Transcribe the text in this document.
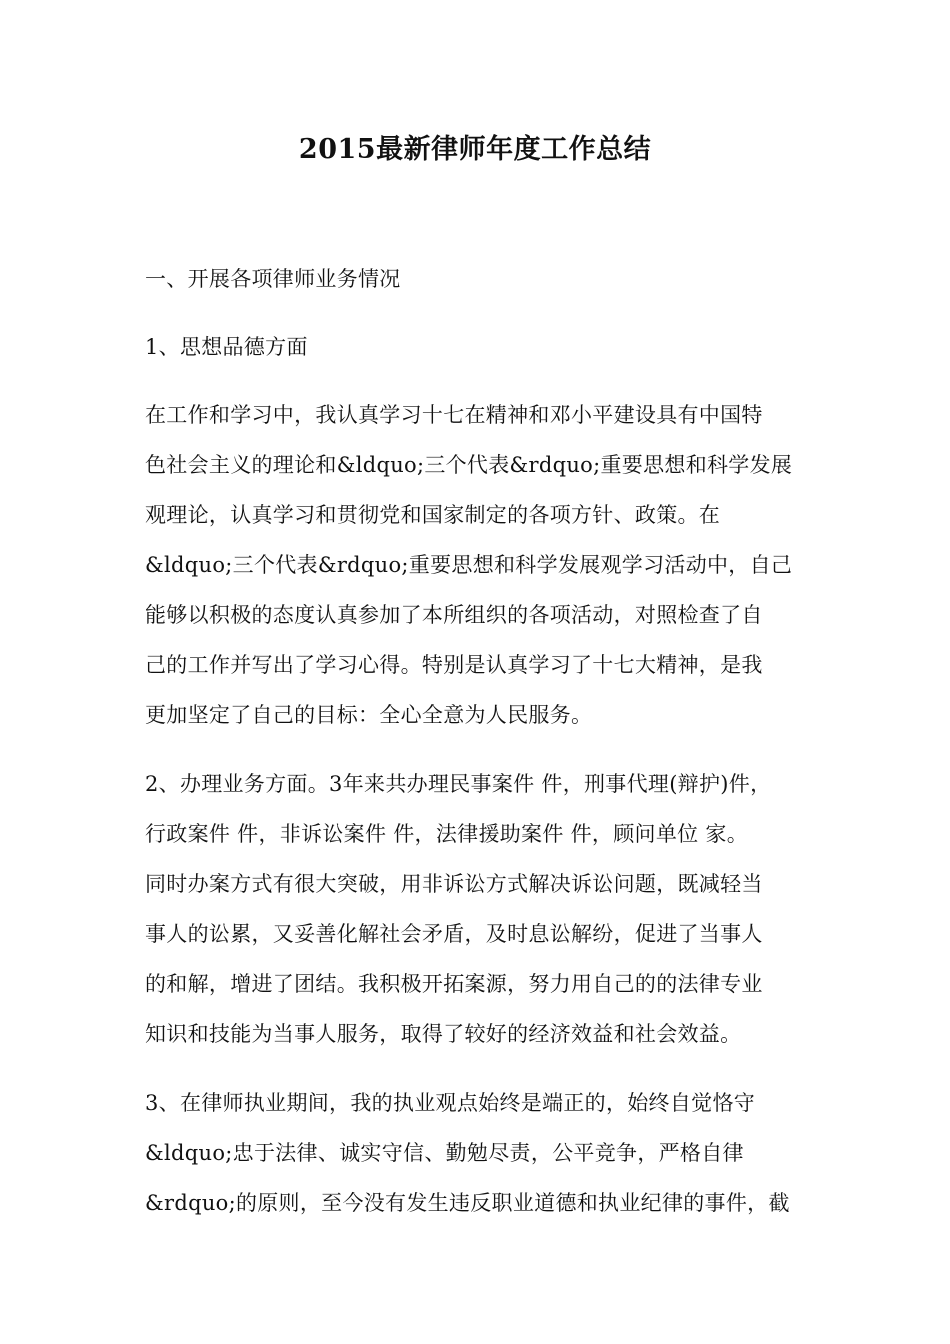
2015最新律师年度工作总结
一、开展各项律师业务情况
1、思想品德方面
在工作和学习中，我认真学习十七在精神和邓小平建设具有中国特
色社会主义的理论和&ldquo;三个代表&rdquo;重要思想和科学发展
观理论，认真学习和贯彻党和国家制定的各项方针、政策。在
&ldquo;三个代表&rdquo;重要思想和科学发展观学习活动中，自己
能够以积极的态度认真参加了本所组织的各项活动，对照检查了自
己的工作并写出了学习心得。特别是认真学习了十七大精神，是我
更加坚定了自己的目标：全心全意为人民服务。
2、办理业务方面。3年来共办理民事案件 件，刑事代理(辩护)件，
行政案件 件，非诉讼案件 件，法律援助案件 件，顾问单位 家。
同时办案方式有很大突破，用非诉讼方式解决诉讼问题，既减轻当
事人的讼累，又妥善化解社会矛盾，及时息讼解纷，促进了当事人
的和解，增进了团结。我积极开拓案源，努力用自己的的法律专业
知识和技能为当事人服务，取得了较好的经济效益和社会效益。
3、在律师执业期间，我的执业观点始终是端正的，始终自觉恪守
&ldquo;忠于法律、诚实守信、勤勉尽责，公平竞争，严格自律
&rdquo;的原则，至今没有发生违反职业道德和执业纪律的事件，截
